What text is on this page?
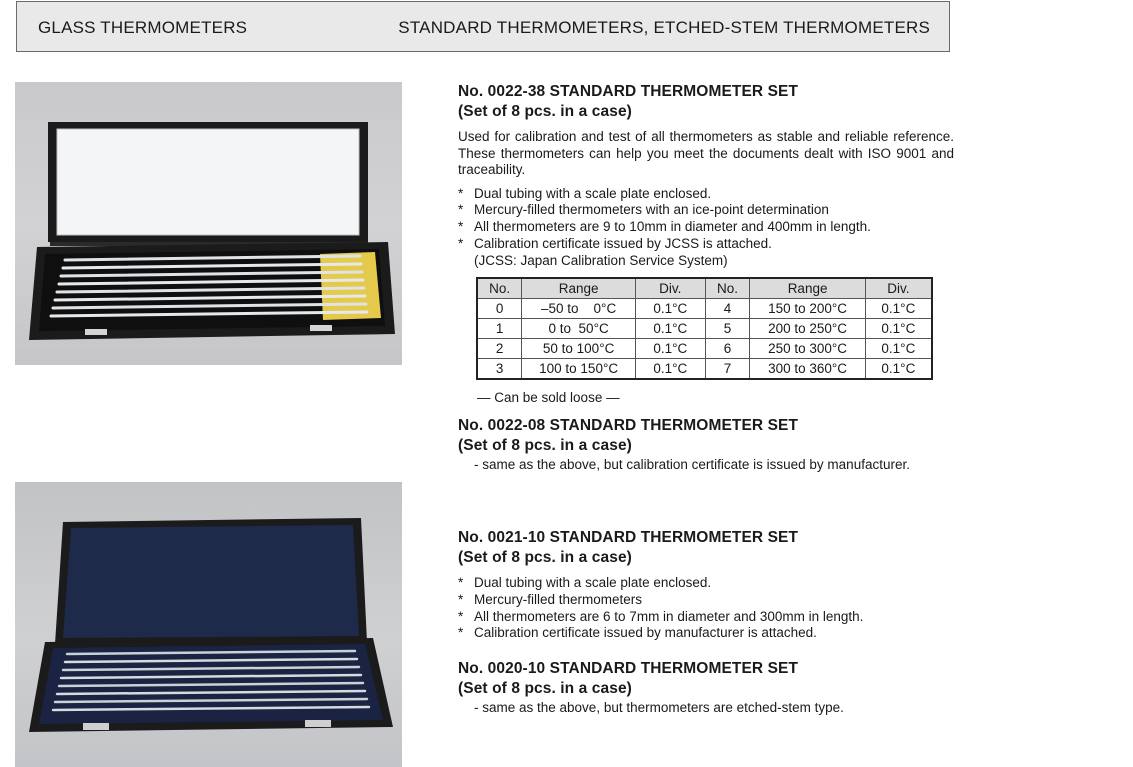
GLASS THERMOMETERS	STANDARD THERMOMETERS, ETCHED-STEM THERMOMETERS
No. 0022-38 STANDARD THERMOMETER SET
(Set of 8 pcs. in a case)
Used for calibration and test of all thermometers as stable and reliable reference. These thermometers can help you meet the documents dealt with ISO 9001 and traceability.
* Dual tubing with a scale plate enclosed.
* Mercury-filled thermometers with an ice-point determination
* All thermometers are 9 to 10mm in diameter and 400mm in length.
* Calibration certificate issued by JCSS is attached.
(JCSS: Japan Calibration Service System)
No.	Range	Div.	No.	Range	Div.
0	–50 to    0°C	0.1°C	4	150 to 200°C	0.1°C
1	0 to  50°C	0.1°C	5	200 to 250°C	0.1°C
2	50 to 100°C	0.1°C	6	250 to 300°C	0.1°C
3	100 to 150°C	0.1°C	7	300 to 360°C	0.1°C
— Can be sold loose —
No. 0022-08 STANDARD THERMOMETER SET
(Set of 8 pcs. in a case)
- same as the above, but calibration certificate is issued by manufacturer.
No. 0021-10 STANDARD THERMOMETER SET
(Set of 8 pcs. in a case)
* Dual tubing with a scale plate enclosed.
* Mercury-filled thermometers
* All thermometers are 6 to 7mm in diameter and 300mm in length.
* Calibration certificate issued by manufacturer is attached.
No. 0020-10 STANDARD THERMOMETER SET
(Set of 8 pcs. in a case)
- same as the above, but thermometers are etched-stem type.
